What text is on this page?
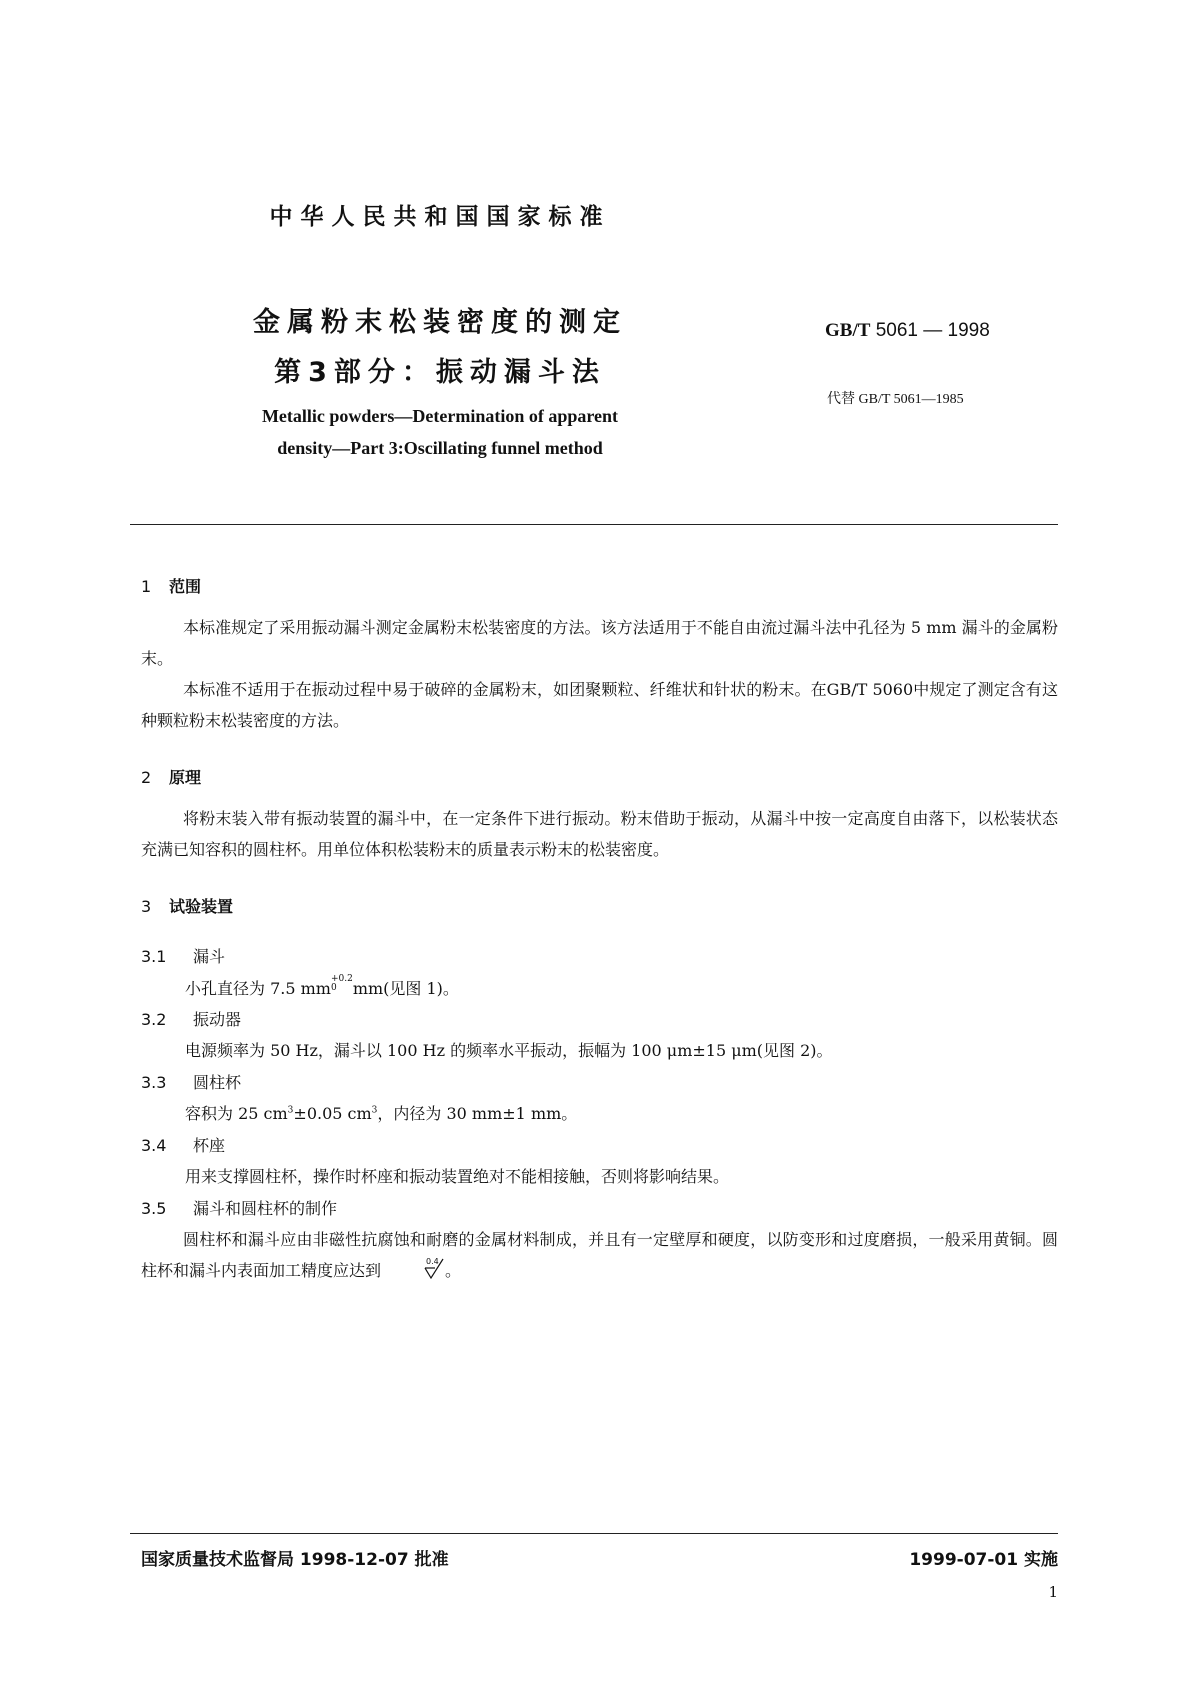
中华人民共和国国家标准
金属粉末松装密度的测定
第3部分：振动漏斗法
Metallic powders—Determination of apparent
density—Part 3:Oscillating funnel method
GB/T 5061 — 1998
代替 GB/T 5061—1985
1 范围
本标准规定了采用振动漏斗测定金属粉末松装密度的方法。该方法适用于不能自由流过漏斗法中孔径为 5 mm 漏斗的金属粉末。
本标准不适用于在振动过程中易于破碎的金属粉末，如团聚颗粒、纤维状和针状的粉末。在GB/T 5060中规定了测定含有这种颗粒粉末松装密度的方法。
2 原理
将粉末装入带有振动装置的漏斗中，在一定条件下进行振动。粉末借助于振动，从漏斗中按一定高度自由落下，以松装状态充满已知容积的圆柱杯。用单位体积松装粉末的质量表示粉末的松装密度。
3 试验装置
3.1 漏斗
小孔直径为 7.5 mm+0.2
0 mm(见图 1)。
3.2 振动器
电源频率为 50 Hz，漏斗以 100 Hz 的频率水平振动，振幅为 100 μm±15 μm(见图 2)。
3.3 圆柱杯
容积为 25 $cm^3\pm 0.05$ $cm^3$，内径为 30 mm±1 mm。
3.4 杯座
用来支撑圆柱杯，操作时杯座和振动装置绝对不能相接触，否则将影响结果。
3.5 漏斗和圆柱杯的制作
圆柱杯和漏斗应由非磁性抗腐蚀和耐磨的金属材料制成，并且有一定壁厚和硬度，以防变形和过度磨损，一般采用黄铜。圆柱杯和漏斗内表面加工精度应达到	0.4 。
国家质量技术监督局 1998-12-07 批准	1999-07-01 实施
1
